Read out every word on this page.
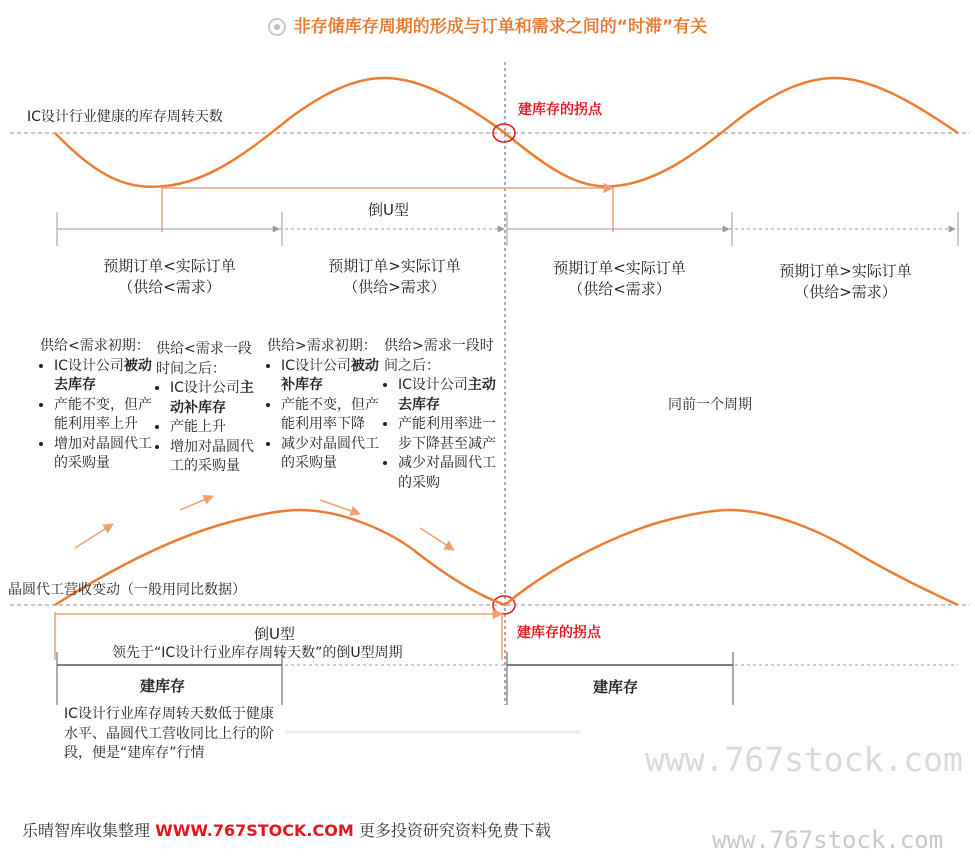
非存储库存周期的形成与订单和需求之间的“时滞”有关
IC设计行业健康的库存周转天数	建库存的拐点
倒U型
预期订单<实际订单
（供给<需求）
预期订单>实际订单
（供给>需求）
预期订单<实际订单
（供给<需求）
预期订单>实际订单
（供给>需求）
供给<需求初期：
• IC设计公司被动去库存
• 产能不变，但产能利用率上升
• 增加对晶圆代工的采购量
供给<需求一段时间之后：
• IC设计公司主动补库存
• 产能上升
• 增加对晶圆代工的采购量
供给>需求初期：
• IC设计公司被动补库存
• 产能不变，但产能利用率下降
• 减少对晶圆代工的采购量
供给>需求一段时间之后：
• IC设计公司主动去库存
• 产能利用率进一步下降甚至减产
• 减少对晶圆代工的采购
同前一个周期
晶圆代工营收变动（一般用同比数据）
建库存的拐点
倒U型
领先于“IC设计行业库存周转天数”的倒U型周期
建库存	建库存
IC设计行业库存周转天数低于健康水平、晶圆代工营收同比上行的阶段，便是“建库存”行情	www.767stock.com
www.767stock.com
乐晴智库收集整理 WWW.767STOCK.COM 更多投资研究资料免费下载
